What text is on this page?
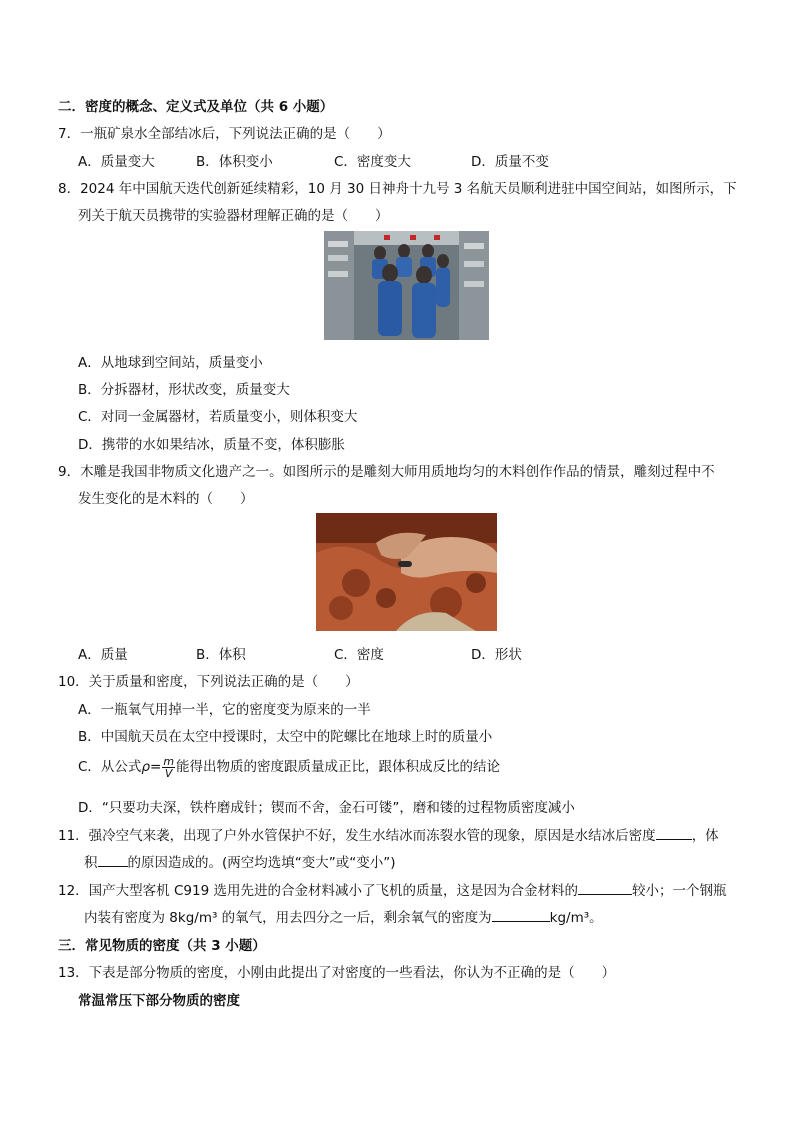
二．密度的概念、定义式及单位（共 6 小题）
7．一瓶矿泉水全部结冰后，下列说法正确的是（　　）
A．质量变大	B．体积变小	C．密度变大	D．质量不变
8．2024 年中国航天迭代创新延续精彩，10 月 30 日神舟十九号 3 名航天员顺利进驻中国空间站，如图所示，下
列关于航天员携带的实验器材理解正确的是（　　）
A．从地球到空间站，质量变小
B．分拆器材，形状改变，质量变大
C．对同一金属器材，若质量变小，则体积变大
D．携带的水如果结冰，质量不变，体积膨胀
9．木雕是我国非物质文化遗产之一。如图所示的是雕刻大师用质地均匀的木料创作作品的情景，雕刻过程中不
发生变化的是木料的（　　）
A．质量	B．体积	C．密度	D．形状
10．关于质量和密度，下列说法正确的是（　　）
A．一瓶氧气用掉一半，它的密度变为原来的一半
B．中国航天员在太空中授课时，太空中的陀螺比在地球上时的质量小
C．从公式$\rho= \frac{m}{V}$ 能得出物质的密度跟质量成正比，跟体积成反比的结论
D．“只要功夫深，铁杵磨成针；锲而不舍，金石可镂”，磨和镂的过程物质密度减小
11．强冷空气来袭，出现了户外水管保护不好，发生水结冰而冻裂水管的现象，原因是水结冰后密度	，体
积 的原因造成的。(两空均选填“变大”或“变小”)
12．国产大型客机 C919 选用先进的合金材料减小了飞机的质量，这是因为合金材料的	较小；一个钢瓶
内装有密度为 8kg/m³ 的氧气，用去四分之一后，剩余氧气的密度为	kg/m³。
三．常见物质的密度（共 3 小题）
13．下表是部分物质的密度，小刚由此提出了对密度的一些看法，你认为不正确的是（　　）
常温常压下部分物质的密度
